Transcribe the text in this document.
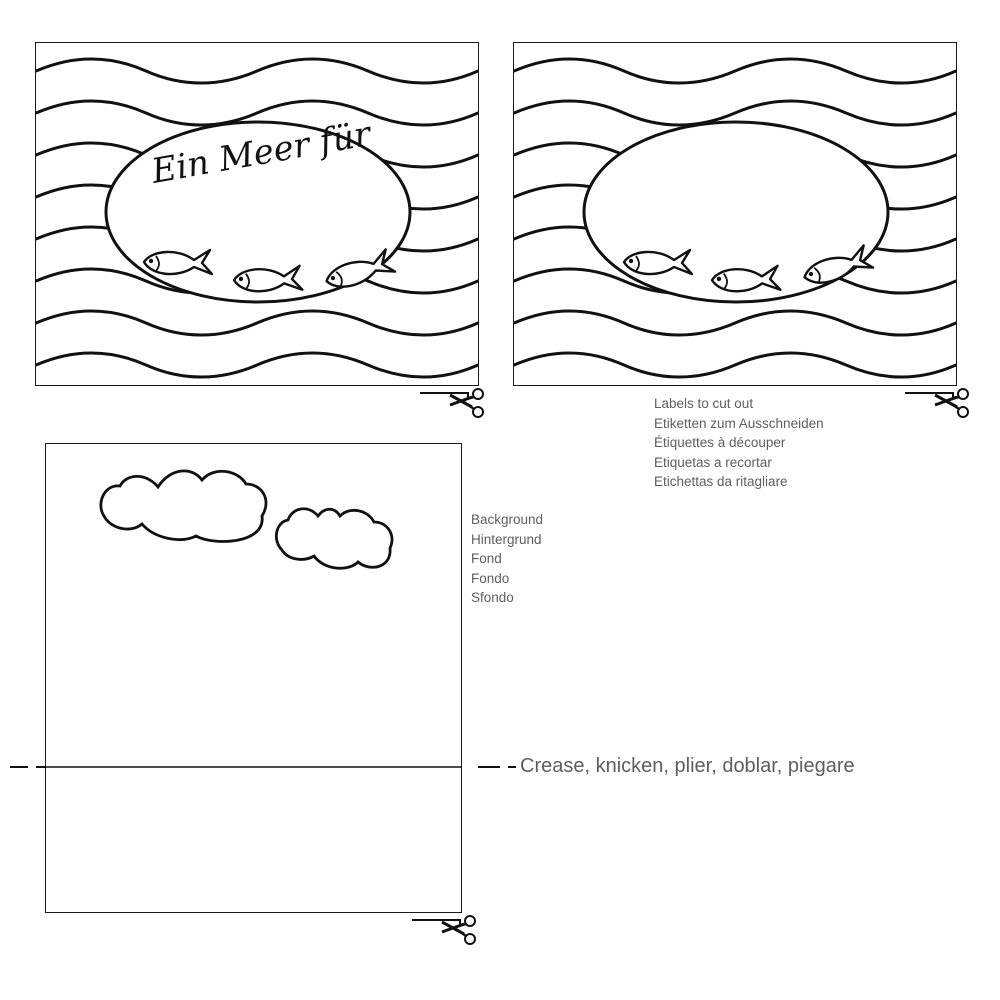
Ein Meer für
Labels to cut out
Etiketten zum Ausschneiden
Étiquettes à découper
Etiquetas a recortar
Etichettas da ritagliare
Background
Hintergrund
Fond
Fondo
Sfondo
Crease, knicken, plier, doblar, piegare
